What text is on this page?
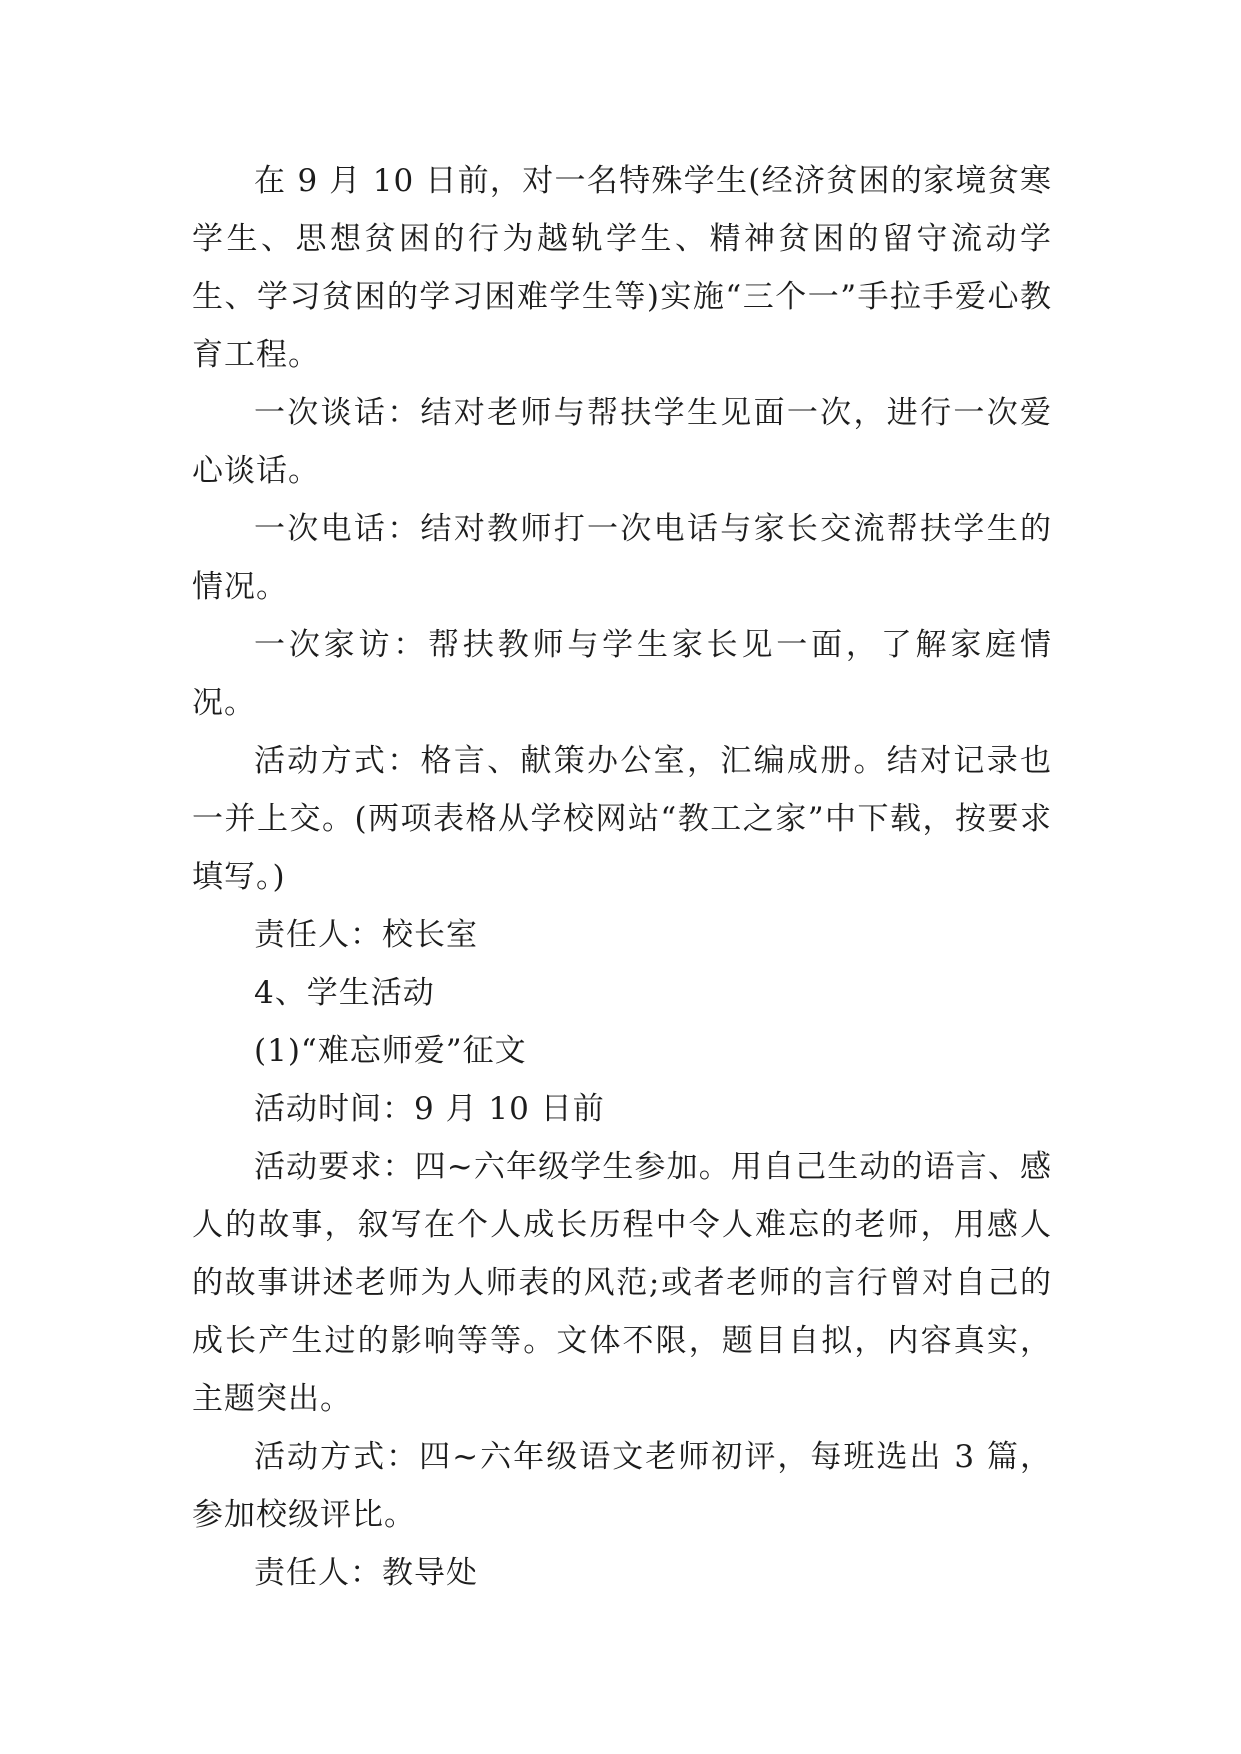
在 9 月 10 日前，对一名特殊学生(经济贫困的家境贫寒学生、思想贫困的行为越轨学生、精神贫困的留守流动学生、学习贫困的学习困难学生等)实施“三个一”手拉手爱心教育工程。

一次谈话：结对老师与帮扶学生见面一次，进行一次爱心谈话。

一次电话：结对教师打一次电话与家长交流帮扶学生的情况。

一次家访：帮扶教师与学生家长见一面，了解家庭情况。

活动方式：格言、献策办公室，汇编成册。结对记录也一并上交。(两项表格从学校网站“教工之家”中下载，按要求填写。)

责任人：校长室

4、学生活动

(1)“难忘师爱”征文

活动时间：9 月 10 日前

活动要求：四~六年级学生参加。用自己生动的语言、感人的故事，叙写在个人成长历程中令人难忘的老师，用感人的故事讲述老师为人师表的风范;或者老师的言行曾对自己的成长产生过的影响等等。文体不限，题目自拟，内容真实，主题突出。

活动方式：四~六年级语文老师初评，每班选出 3 篇，参加校级评比。

责任人：教导处
